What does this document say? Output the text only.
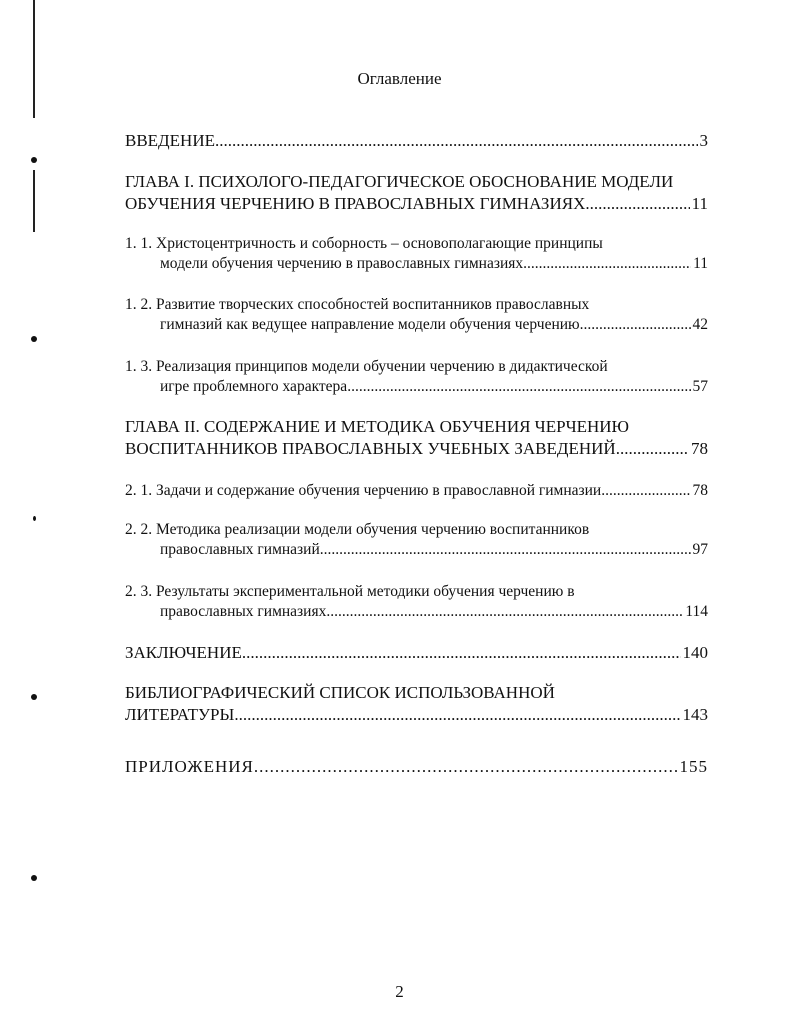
Оглавление
ВВЕДЕНИЕ .....	3
ГЛАВА I. ПСИХОЛОГО-ПЕДАГОГИЧЕСКОЕ ОБОСНОВАНИЕ МОДЕЛИ
ОБУЧЕНИЯ ЧЕРЧЕНИЮ В ПРАВОСЛАВНЫХ ГИМНАЗИЯХ .....	11
1. 1. Христоцентричность и соборность – основополагающие принципы
модели обучения черчению в православных гимназиях .....	11
1. 2. Развитие творческих способностей воспитанников православных
гимназий как ведущее направление модели обучения черчению .....	42
1. 3. Реализация принципов модели обучении черчению в дидактической
игре проблемного характера .....	57
ГЛАВА II. СОДЕРЖАНИЕ И МЕТОДИКА ОБУЧЕНИЯ ЧЕРЧЕНИЮ
ВОСПИТАННИКОВ ПРАВОСЛАВНЫХ УЧЕБНЫХ ЗАВЕДЕНИЙ .....	78
2. 1. Задачи и содержание обучения черчению в православной гимназии .....	78
2. 2. Методика реализации модели обучения черчению воспитанников
православных гимназий .....	97
2. 3. Результаты экспериментальной методики обучения черчению в
православных гимназиях .....	114
ЗАКЛЮЧЕНИЕ .....	140
БИБЛИОГРАФИЧЕСКИЙ СПИСОК ИСПОЛЬЗОВАННОЙ
ЛИТЕРАТУРЫ .....	143
ПРИЛОЖЕНИЯ .....	155
2
